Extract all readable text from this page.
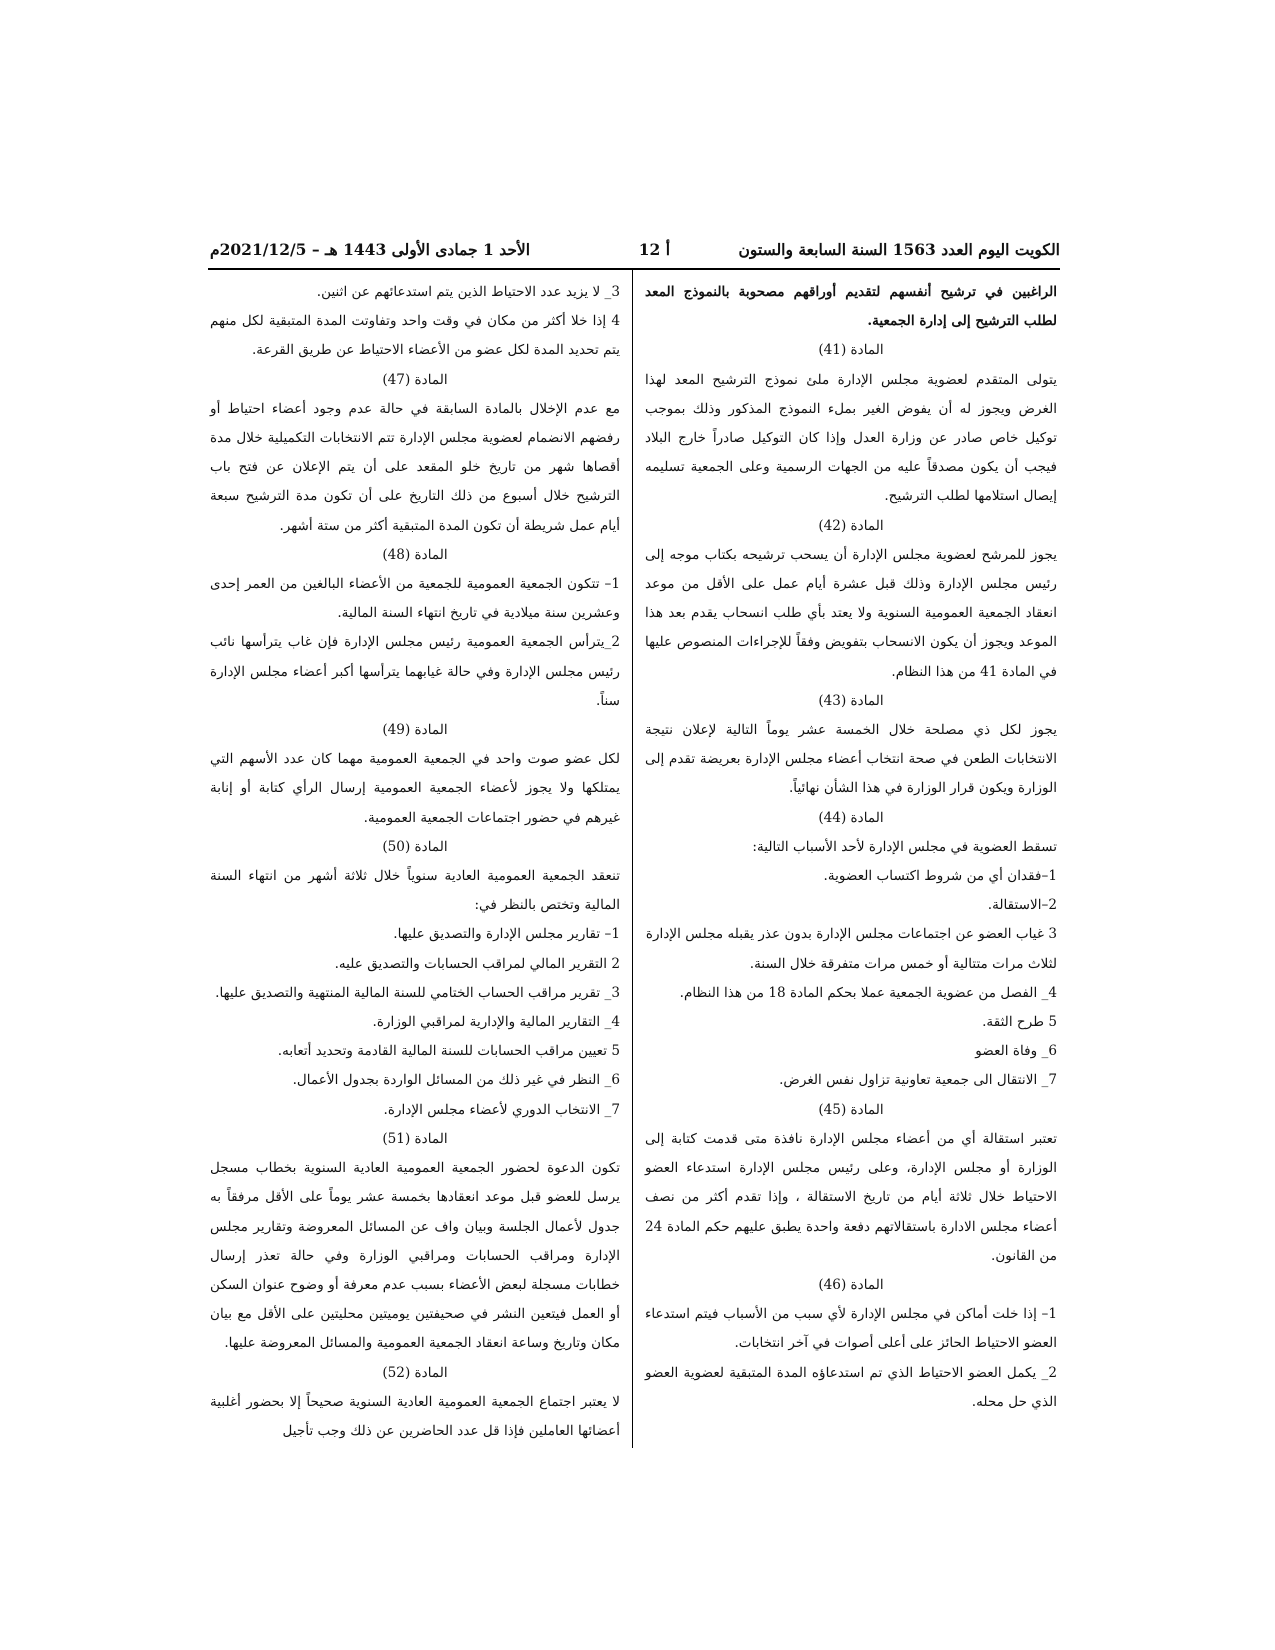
الكويت اليوم العدد 1563 السنة السابعة والستون
أ 12
الأحد 1 جمادى الأولى 1443 هـ – 2021/12/5م

الراغبين في ترشيح أنفسهم لتقديم أوراقهم مصحوبة بالنموذج المعد لطلب الترشيح إلى إدارة الجمعية.

المادة (41)

يتولى المتقدم لعضوية مجلس الإدارة ملئ نموذج الترشيح المعد لهذا الغرض ويجوز له أن يفوض الغير بملء النموذج المذكور وذلك بموجب توكيل خاص صادر عن وزارة العدل وإذا كان التوكيل صادراً خارج البلاد فيجب أن يكون مصدقاً عليه من الجهات الرسمية وعلى الجمعية تسليمه إيصال استلامها لطلب الترشيح.

المادة (42)

يجوز للمرشح لعضوية مجلس الإدارة أن يسحب ترشيحه بكتاب موجه إلى رئيس مجلس الإدارة وذلك قبل عشرة أيام عمل على الأقل من موعد انعقاد الجمعية العمومية السنوية ولا يعتد بأي طلب انسحاب يقدم بعد هذا الموعد ويجوز أن يكون الانسحاب بتفويض وفقاً للإجراءات المنصوص عليها في المادة 41 من هذا النظام.

المادة (43)

يجوز لكل ذي مصلحة خلال الخمسة عشر يوماً التالية لإعلان نتيجة الانتخابات الطعن في صحة انتخاب أعضاء مجلس الإدارة بعريضة تقدم إلى الوزارة ويكون قرار الوزارة في هذا الشأن نهائياً.

المادة (44)

تسقط العضوية في مجلس الإدارة لأحد الأسباب التالية:

1–فقدان أي من شروط اكتساب العضوية.

2–الاستقالة.

3 غياب العضو عن اجتماعات مجلس الإدارة بدون عذر يقبله مجلس الإدارة لثلاث مرات متتالية أو خمس مرات متفرقة خلال السنة.

4_ الفصل من عضوية الجمعية عملا بحكم المادة 18 من هذا النظام.

5 طرح الثقة.

6_ وفاة العضو

7_ الانتقال الى جمعية تعاونية تزاول نفس الغرض.

المادة (45)

تعتبر استقالة أي من أعضاء مجلس الإدارة نافذة متى قدمت كتابة إلى الوزارة أو مجلس الإدارة، وعلى رئيس مجلس الإدارة استدعاء العضو الاحتياط خلال ثلاثة أيام من تاريخ الاستقالة ، وإذا تقدم أكثر من نصف أعضاء مجلس الادارة باستقالاتهم دفعة واحدة يطبق عليهم حكم المادة 24 من القانون.

المادة (46)

1– إذا خلت أماكن في مجلس الإدارة لأي سبب من الأسباب فيتم استدعاء العضو الاحتياط الحائز على أعلى أصوات في آخر انتخابات.

2_ يكمل العضو الاحتياط الذي تم استدعاؤه المدة المتبقية لعضوية العضو الذي حل محله.

3_ لا يزيد عدد الاحتياط الذين يتم استدعائهم عن اثنين.

4 إذا خلا أكثر من مكان في وقت واحد وتفاوتت المدة المتبقية لكل منهم يتم تحديد المدة لكل عضو من الأعضاء الاحتياط عن طريق القرعة.

المادة (47)

مع عدم الإخلال بالمادة السابقة في حالة عدم وجود أعضاء احتياط أو رفضهم الانضمام لعضوية مجلس الإدارة تتم الانتخابات التكميلية خلال مدة أقصاها شهر من تاريخ خلو المقعد على أن يتم الإعلان عن فتح باب الترشيح خلال أسبوع من ذلك التاريخ على أن تكون مدة الترشيح سبعة أيام عمل شريطة أن تكون المدة المتبقية أكثر من ستة أشهر.

المادة (48)

1– تتكون الجمعية العمومية للجمعية من الأعضاء البالغين من العمر إحدى وعشرين سنة ميلادية في تاريخ انتهاء السنة المالية.

2_يترأس الجمعية العمومية رئيس مجلس الإدارة فإن غاب يترأسها نائب رئيس مجلس الإدارة وفي حالة غيابهما يترأسها أكبر أعضاء مجلس الإدارة سناً.

المادة (49)

لكل عضو صوت واحد في الجمعية العمومية مهما كان عدد الأسهم التي يمتلكها ولا يجوز لأعضاء الجمعية العمومية إرسال الرأي كتابة أو إنابة غيرهم في حضور اجتماعات الجمعية العمومية.

المادة (50)

تنعقد الجمعية العمومية العادية سنوياً خلال ثلاثة أشهر من انتهاء السنة المالية وتختص بالنظر في:

1– تقارير مجلس الإدارة والتصديق عليها.

2 التقرير المالي لمراقب الحسابات والتصديق عليه.

3_ تقرير مراقب الحساب الختامي للسنة المالية المنتهية والتصديق عليها.

4_ التقارير المالية والإدارية لمراقبي الوزارة.

5 تعيين مراقب الحسابات للسنة المالية القادمة وتحديد أتعابه.

6_ النظر في غير ذلك من المسائل الواردة بجدول الأعمال.

7_ الانتخاب الدوري لأعضاء مجلس الإدارة.

المادة (51)

تكون الدعوة لحضور الجمعية العمومية العادية السنوية بخطاب مسجل يرسل للعضو قبل موعد انعقادها بخمسة عشر يوماً على الأقل مرفقاً به جدول لأعمال الجلسة وبيان واف عن المسائل المعروضة وتقارير مجلس الإدارة ومراقب الحسابات ومراقبي الوزارة وفي حالة تعذر إرسال خطابات مسجلة لبعض الأعضاء بسبب عدم معرفة أو وضوح عنوان السكن أو العمل فيتعين النشر في صحيفتين يوميتين محليتين على الأقل مع بيان مكان وتاريخ وساعة انعقاد الجمعية العمومية والمسائل المعروضة عليها.

المادة (52)

لا يعتبر اجتماع الجمعية العمومية العادية السنوية صحيحاً إلا بحضور أغلبية أعضائها العاملين فإذا قل عدد الحاضرين عن ذلك وجب تأجيل
